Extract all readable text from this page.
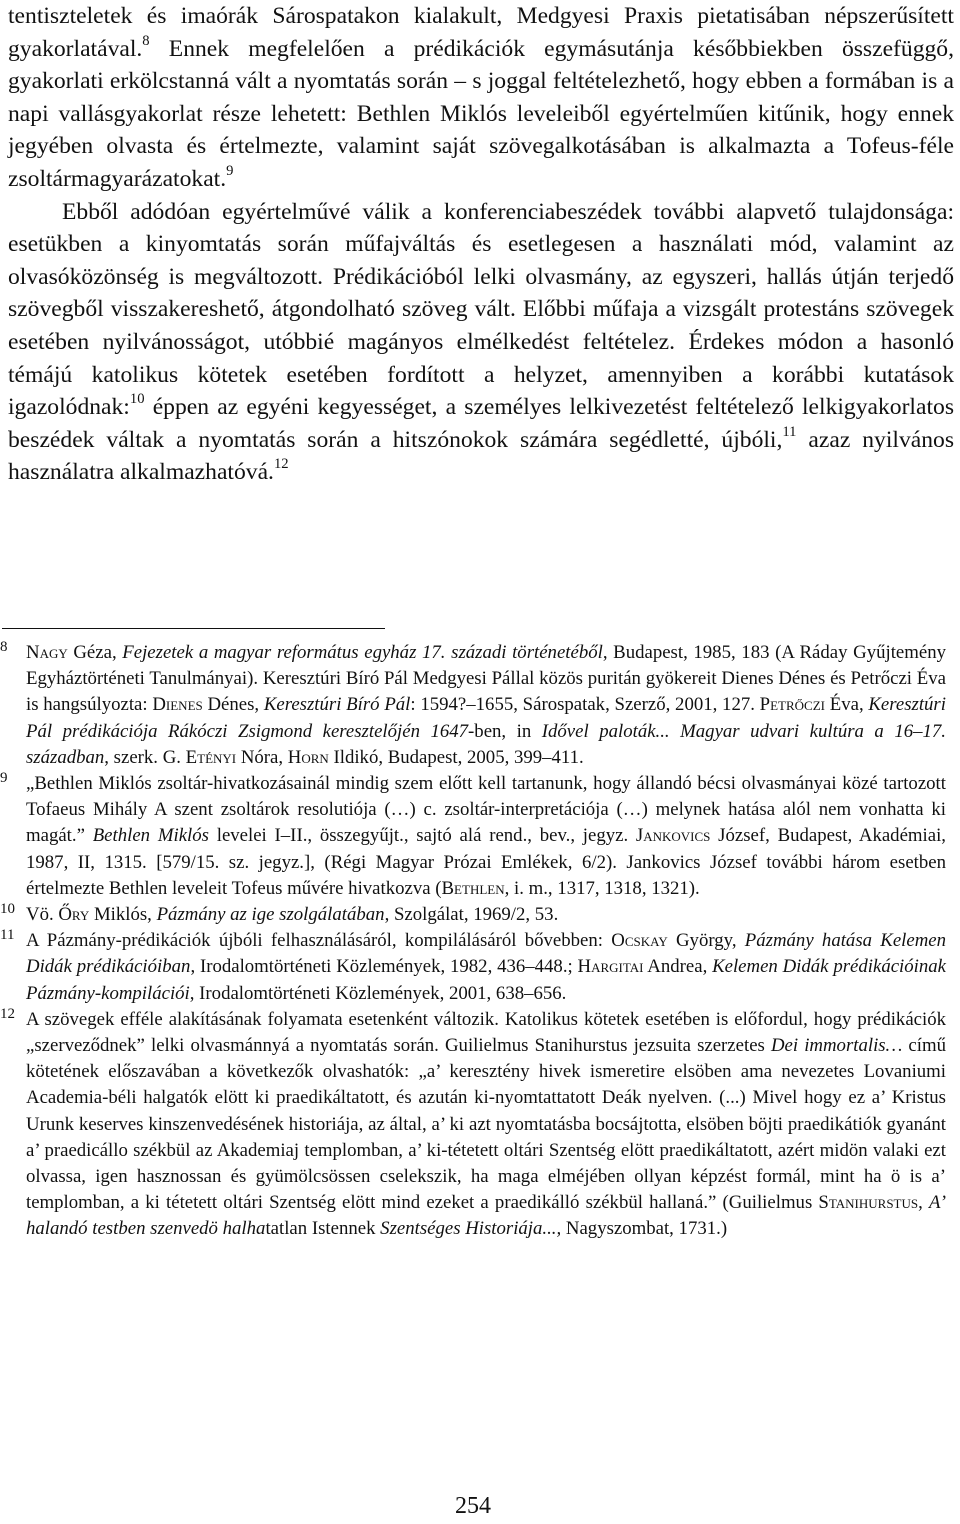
tentiszteletek és imaórák Sárospatakon kialakult, Medgyesi Praxis pietatisában népszerűsített gyakorlatával.$^8$ Ennek megfelelően a prédikációk egymásutánja későbbiekben összefüggő, gyakorlati erkölcstanná vált a nyomtatás során – s joggal feltételezhető, hogy ebben a formában is a napi vallásgyakorlat része lehetett: Bethlen Miklós leveleiből egyértelműen kitűnik, hogy ennek jegyében olvasta és értelmezte, valamint saját szövegalkotásában is alkalmazta a Tofeus-féle zsoltármagyarázatokat.$^9$

Ebből adódóan egyértelművé válik a konferenciabeszédek további alapvető tulajdonsága: esetükben a kinyomtatás során műfajváltás és esetlegesen a használati mód, valamint az olvasóközönség is megváltozott. Prédikációból lelki olvasmány, az egyszeri, hallás útján terjedő szövegből visszakereshető, átgondolható szöveg vált. Előbbi műfaja a vizsgált protestáns szövegek esetében nyilvánosságot, utóbbié magányos elmélkedést feltételez. Érdekes módon a hasonló témájú katolikus kötetek esetében fordított a helyzet, amennyiben a korábbi kutatások igazolódnak:$^{10}$ éppen az egyéni kegyességet, a személyes lelkivezetést feltételező lelkigyakorlatos beszédek váltak a nyomtatás során a hitszónokok számára segédletté, újbóli,$^{11}$ azaz nyilvános használatra alkalmazhatóvá.$^{12}$

8 Nagy Géza, Fejezetek a magyar református egyház 17. századi történetéből, Budapest, 1985, 183 (A Ráday Gyűjtemény Egyháztörténeti Tanulmányai). Keresztúri Bíró Pál Medgyesi Pállal közös puritán gyökereit Dienes Dénes és Petrőczi Éva is hangsúlyozta: Dienes Dénes, Keresztúri Bíró Pál: 1594?–1655, Sárospatak, Szerző, 2001, 127. Petrőczi Éva, Keresztúri Pál prédikációja Rákóczi Zsigmond keresztelőjén 1647-ben, in Idővel paloták... Magyar udvari kultúra a 16–17. században, szerk. G. Etényi Nóra, Horn Ildikó, Budapest, 2005, 399–411.
9 „Bethlen Miklós zsoltár-hivatkozásainál mindig szem előtt kell tartanunk, hogy állandó bécsi olvasmányai közé tartozott Tofaeus Mihály A szent zsoltárok resolutiója (…) c. zsoltár-interpretációja (…) melynek hatása alól nem vonhatta ki magát.” Bethlen Miklós levelei I–II., összegyűjt., sajtó alá rend., bev., jegyz. Jankovics József, Budapest, Akadémiai, 1987, II, 1315. [579/15. sz. jegyz.], (Régi Magyar Prózai Emlékek, 6/2). Jankovics József további három esetben értelmezte Bethlen leveleit Tofeus művére hivatkozva (Bethlen, i. m., 1317, 1318, 1321).
10 Vö. Őry Miklós, Pázmány az ige szolgálatában, Szolgálat, 1969/2, 53.
11 A Pázmány-prédikációk újbóli felhasználásáról, kompilálásáról bővebben: Ocskay György, Pázmány hatása Kelemen Didák prédikációiban, Irodalomtörténeti Közlemények, 1982, 436–448.; Hargitai Andrea, Kelemen Didák prédikációinak Pázmány-kompilációi, Irodalomtörténeti Közlemények, 2001, 638–656.
12 A szövegek efféle alakításának folyamata esetenként változik. Katolikus kötetek esetében is előfordul, hogy prédikációk „szerveződnek” lelki olvasmánnyá a nyomtatás során. Guilielmus Stanihurstus jezsuita szerzetes Dei immortalis… című kötetének előszavában a következők olvashatók: „a’ keresztény hivek ismeretire elsöben ama nevezetes Lovaniumi Academia-béli halgatók elött ki praedikáltatott, és azután ki-nyomtattatott Deák nyelven. (...) Mivel hogy ez a’ Kristus Urunk keserves kinszenvedésének historiája, az által, a’ ki azt nyomtatásba bocsájtotta, elsöben böjti praedikátiók gyanánt a’ praedicállo székbül az Akademiaj templomban, a’ ki-tétetett oltári Szentség elött praedikáltatott, azért midön valaki ezt olvassa, igen hasznossan és gyümölcsössen cselekszik, ha maga elméjében ollyan képzést formál, mint ha ö is a’ templomban, a ki tétetett oltári Szentség elött mind ezeket a praedikálló székbül hallaná.” (Guilielmus Stanihurstus, A’ halandó testben szenvedö halhatatlan Istennek Szentséges Historiája..., Nagyszombat, 1731.)
254
